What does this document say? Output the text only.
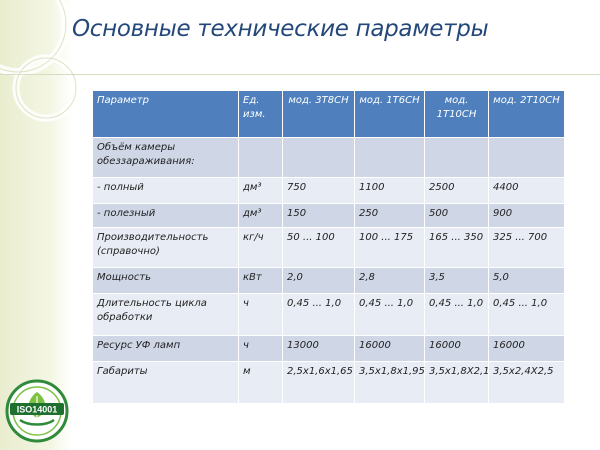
Основные технические параметры
Параметр	Ед. изм.	мод. 3Т8СН	мод. 1Т6СН	мод. 1Т10СН	мод. 2Т10СН
Объём камеры обеззараживания:					
- полный	дм³	750	1100	2500	4400
- полезный	дм³	150	250	500	900
Производительность (справочно)	кг/ч	50 ... 100	100 ... 175	165 ... 350	325 ... 700
Мощность	кВт	2,0	2,8	3,5	5,0
Длительность цикла обработки	ч	0,45 ... 1,0	0,45 ... 1,0	0,45 ... 1,0	0,45 ... 1,0
Ресурс УФ ламп	ч	13000	16000	16000	16000
Габариты	м	2,5х1,6х1,65	3,5х1,8х1,95	3,5х1,8Х2,1	3,5х2,4Х2,5
ISO14001
